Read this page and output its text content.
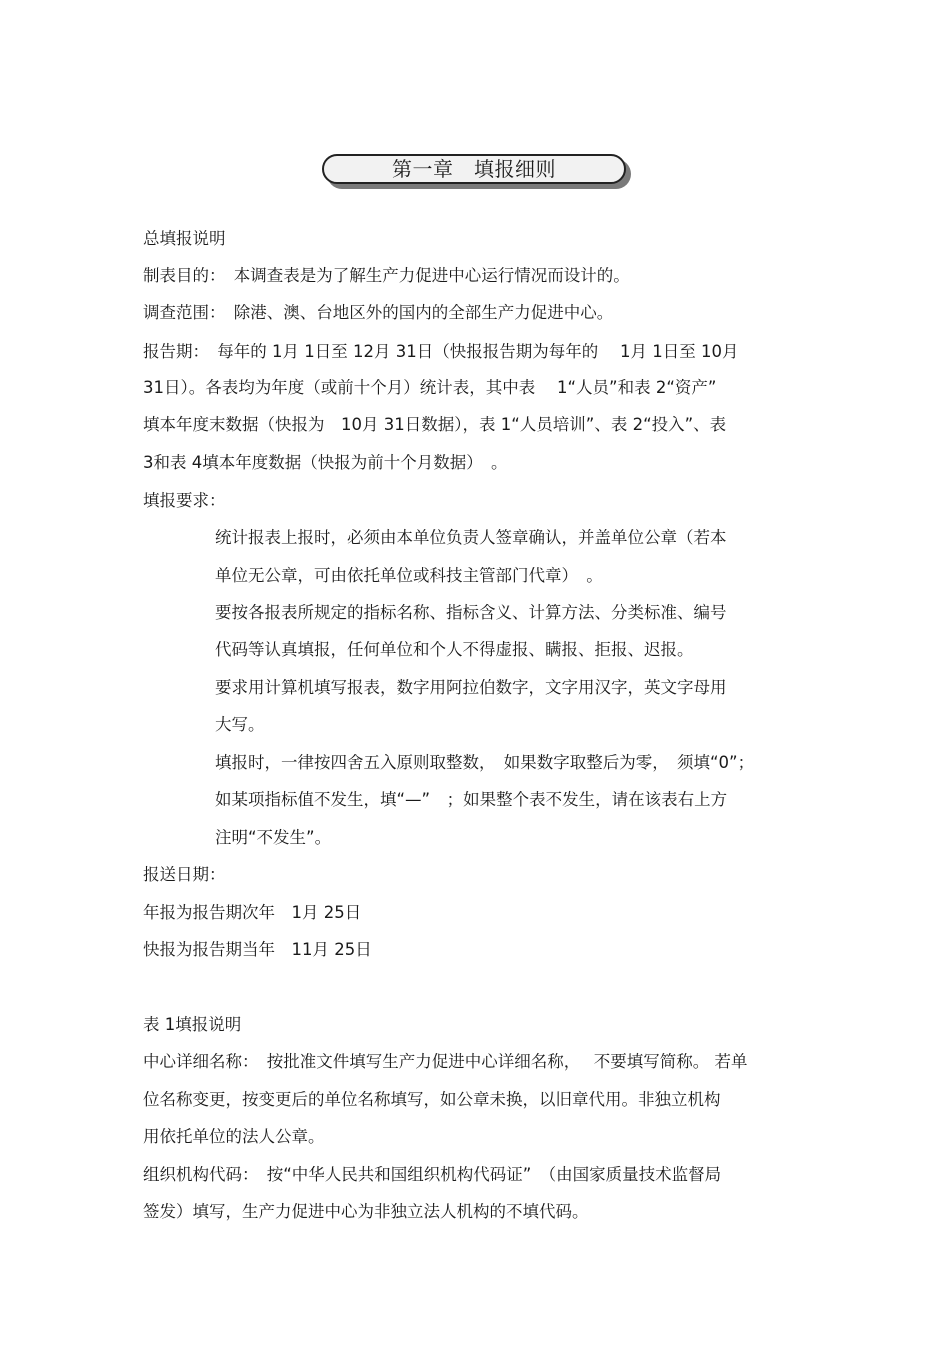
第一章　填报细则
总填报说明
制表目的：　本调查表是为了解生产力促进中心运行情况而设计的。
调查范围：　除港、澳、台地区外的国内的全部生产力促进中心。
报告期：　每年的 1月 1日至 12月 31日（快报报告期为每年的　 1月 1日至 10月
31日）。各表均为年度（或前十个月）统计表，其中表　 1“人员”和表 2“资产”
填本年度末数据（快报为　10月 31日数据），表 1“人员培训”、表 2“投入”、表
3和表 4填本年度数据（快报为前十个月数据）　。
填报要求：
统计报表上报时，必须由本单位负责人签章确认，并盖单位公章（若本
单位无公章，可由依托单位或科技主管部门代章）　。
要按各报表所规定的指标名称、指标含义、计算方法、分类标准、编号
代码等认真填报，任何单位和个人不得虚报、瞒报、拒报、迟报。
要求用计算机填写报表，数字用阿拉伯数字，文字用汉字，英文字母用
大写。
填报时，一律按四舍五入原则取整数，　如果数字取整后为零，　须填“0”；
如某项指标值不发生，填“—”　；如果整个表不发生，请在该表右上方
注明“不发生”。
报送日期：
年报为报告期次年　1月 25日
快报为报告期当年　11月 25日
表 1填报说明
中心详细名称：　按批准文件填写生产力促进中心详细名称，　 不要填写简称。 若单
位名称变更，按变更后的单位名称填写，如公章未换，以旧章代用。非独立机构
用依托单位的法人公章。
组织机构代码：　按“中华人民共和国组织机构代码证”　（由国家质量技术监督局
签发）填写，生产力促进中心为非独立法人机构的不填代码。
